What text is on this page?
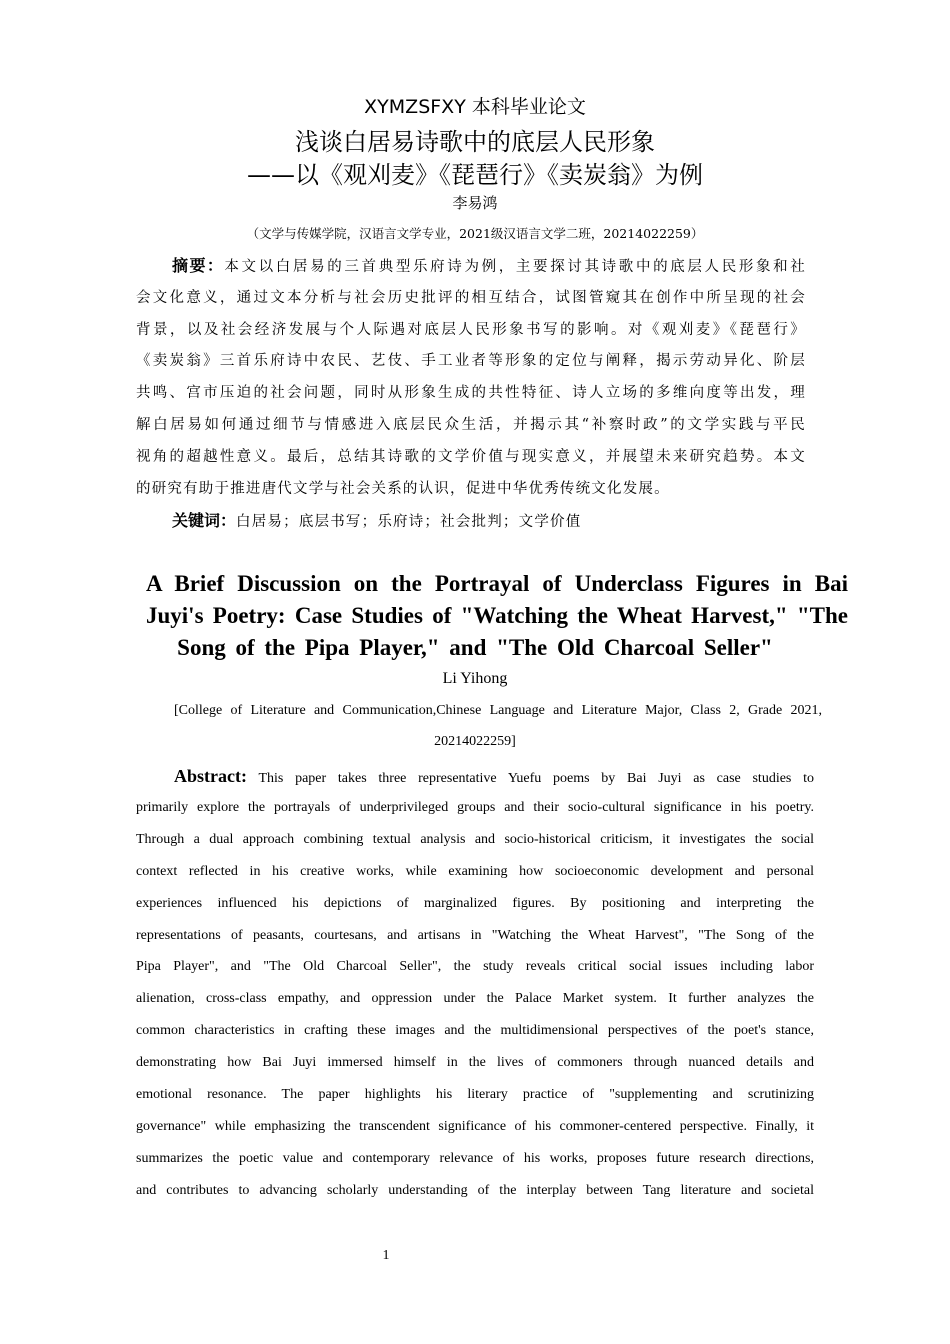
XYMZSFXY 本科毕业论文
浅谈白居易诗歌中的底层人民形象
——以《观刈麦》《琵琶行》《卖炭翁》为例
李易鸿
（文学与传媒学院，汉语言文学专业，2021级汉语言文学二班，20214022259）
摘要：本文以白居易的三首典型乐府诗为例，主要探讨其诗歌中的底层人民形象和社
会文化意义，通过文本分析与社会历史批评的相互结合，试图管窥其在创作中所呈现的社会
背景，以及社会经济发展与个人际遇对底层人民形象书写的影响。对《观刈麦》《琵琶行》
《卖炭翁》三首乐府诗中农民、艺伎、手工业者等形象的定位与阐释，揭示劳动异化、阶层
共鸣、宫市压迫的社会问题，同时从形象生成的共性特征、诗人立场的多维向度等出发，理
解白居易如何通过细节与情感进入底层民众生活，并揭示其“补察时政”的文学实践与平民
视角的超越性意义。最后，总结其诗歌的文学价值与现实意义，并展望未来研究趋势。本文
的研究有助于推进唐代文学与社会关系的认识，促进中华优秀传统文化发展。
关键词：白居易；底层书写；乐府诗；社会批判；文学价值
A Brief Discussion on the Portrayal of Underclass Figures in Bai
Juyi's Poetry: Case Studies of "Watching the Wheat Harvest," "The
Song of the Pipa Player," and "The Old Charcoal Seller"
Li Yihong
[College of Literature and Communication,Chinese Language and Literature Major, Class 2, Grade 2021,
20214022259]
Abstract: This paper takes three representative Yuefu poems by Bai Juyi as case studies to
primarily explore the portrayals of underprivileged groups and their socio-cultural significance in his poetry.
Through a dual approach combining textual analysis and socio-historical criticism, it investigates the social
context reflected in his creative works, while examining how socioeconomic development and personal
experiences influenced his depictions of marginalized figures. By positioning and interpreting the
representations of peasants, courtesans, and artisans in "Watching the Wheat Harvest", "The Song of the
Pipa Player", and "The Old Charcoal Seller", the study reveals critical social issues including labor
alienation, cross-class empathy, and oppression under the Palace Market system. It further analyzes the
common characteristics in crafting these images and the multidimensional perspectives of the poet's stance,
demonstrating how Bai Juyi immersed himself in the lives of commoners through nuanced details and
emotional resonance. The paper highlights his literary practice of "supplementing and scrutinizing
governance" while emphasizing the transcendent significance of his commoner-centered perspective. Finally, it
summarizes the poetic value and contemporary relevance of his works, proposes future research directions,
and contributes to advancing scholarly understanding of the interplay between Tang literature and societal
1
